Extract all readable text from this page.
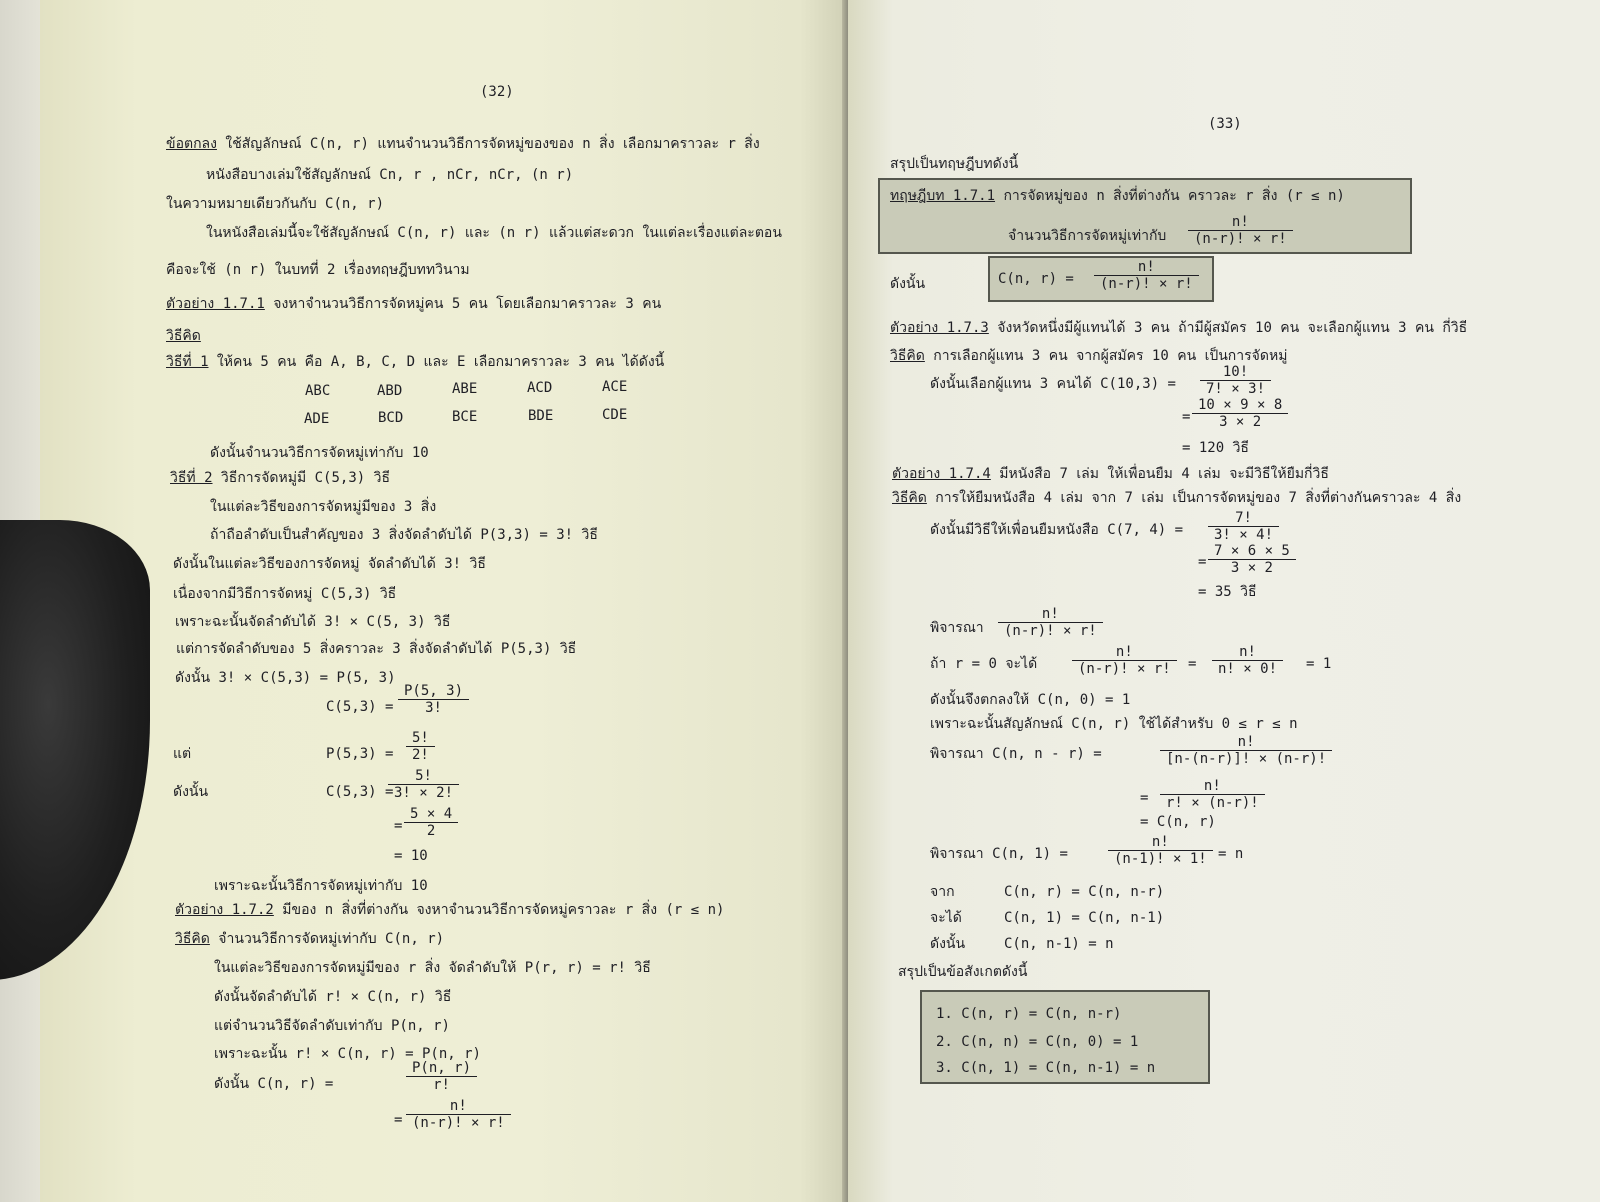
(32)
ข้อตกลง ใช้สัญลักษณ์ C(n, r) แทนจำนวนวิธีการจัดหมู่ของของ n สิ่ง เลือกมาคราวละ r สิ่ง
หนังสือบางเล่มใช้สัญลักษณ์ Cn, r , nCr, nCr, (n r)
ในความหมายเดียวกันกับ C(n, r)
ในหนังสือเล่มนี้จะใช้สัญลักษณ์ C(n, r) และ (n r) แล้วแต่สะดวก ในแต่ละเรื่องแต่ละตอน
คือจะใช้ (n r) ในบทที่ 2 เรื่องทฤษฎีบททวินาม
ตัวอย่าง 1.7.1 จงหาจำนวนวิธีการจัดหมู่คน 5 คน โดยเลือกมาคราวละ 3 คน
วิธีคิด
วิธีที่ 1 ให้คน 5 คน คือ A, B, C, D และ E เลือกมาคราวละ 3 คน ได้ดังนี้
ABC	ABD	ABE	ACD	ACE
ADE	BCD	BCE	BDE	CDE
ดังนั้นจำนวนวิธีการจัดหมู่เท่ากับ 10
วิธีที่ 2 วิธีการจัดหมู่มี C(5,3) วิธี
ในแต่ละวิธีของการจัดหมู่มีของ 3 สิ่ง
ถ้าถือลำดับเป็นสำคัญของ 3 สิ่งจัดลำดับได้ P(3,3) = 3! วิธี
ดังนั้นในแต่ละวิธีของการจัดหมู่ จัดลำดับได้ 3! วิธี
เนื่องจากมีวิธีการจัดหมู่ C(5,3) วิธี
เพราะฉะนั้นจัดลำดับได้ 3! × C(5, 3) วิธี
แต่การจัดลำดับของ 5 สิ่งคราวละ 3 สิ่งจัดลำดับได้ P(5,3) วิธี
ดังนั้น 3! × C(5,3) = P(5, 3)
$C(5,3) = \frac{P(5, 3)}{3!}$
แต่	$P(5,3) = \frac{5!}{2!}$
ดังนั้น	C(5,3) =
$\frac{5!}{3! \times 2!}$
= $\frac{5 \times 4}{2}$
= 10
เพราะฉะนั้นวิธีการจัดหมู่เท่ากับ 10
ตัวอย่าง 1.7.2 มีของ n สิ่งที่ต่างกัน จงหาจำนวนวิธีการจัดหมู่คราวละ r สิ่ง (r ≤ n)
วิธีคิด จำนวนวิธีการจัดหมู่เท่ากับ C(n, r)
ในแต่ละวิธีของการจัดหมู่มีของ r สิ่ง จัดลำดับให้ P(r, r) = r! วิธี
ดังนั้นจัดลำดับได้ r! × C(n, r) วิธี
แต่จำนวนวิธีจัดลำดับเท่ากับ P(n, r)
เพราะฉะนั้น r! × C(n, r) = P(n, r)
ดังนั้น C(n, r) =	$\frac{P(n, r)}{r!}$
= $\frac{n!}{(n-r)! \times r!}$
(33)
สรุปเป็นทฤษฎีบทดังนี้
ทฤษฎีบท 1.7.1 การจัดหมู่ของ n สิ่งที่ต่างกัน คราวละ r สิ่ง (r ≤ n)
จำนวนวิธีการจัดหมู่เท่ากับ $\frac{n!}{(n-r)! \times r!}$
ดังนั้น	C(n, $r) = \frac{n!}{(n-r)! \times r!}$
ตัวอย่าง 1.7.3 จังหวัดหนึ่งมีผู้แทนได้ 3 คน ถ้ามีผู้สมัคร 10 คน จะเลือกผู้แทน 3 คน กี่วิธี
วิธีคิด การเลือกผู้แทน 3 คน จากผู้สมัคร 10 คน เป็นการจัดหมู่
ดังนั้นเลือกผู้แทน 3 คนได้ $C(10,3) = \frac{10!}{7! \times 3!}$
= $\frac{10 \times 9 \times 8}{3 \times 2}$
= 120 วิธี
ตัวอย่าง 1.7.4 มีหนังสือ 7 เล่ม ให้เพื่อนยืม 4 เล่ม จะมีวิธีให้ยืมกี่วิธี
วิธีคิด การให้ยืมหนังสือ 4 เล่ม จาก 7 เล่ม เป็นการจัดหมู่ของ 7 สิ่งที่ต่างกันคราวละ 4 สิ่ง
ดังนั้นมีวิธีให้เพื่อนยืมหนังสือ C(7, $4) = \frac{7!}{3! \times 4!}$
= $\frac{7 \times 6 \times 5}{3 \times 2}$
= 35 วิธี
พิจารณา $\frac{n!}{(n-r)! \times r!}$
ถ้า r = 0 จะได้ $\frac{n!}{(n-r)! \times r!} = \frac{n!}{n! \times 0!} = 1$
ดังนั้นจึงตกลงให้ C(n, 0) = 1
เพราะฉะนั้นสัญลักษณ์ C(n, r) ใช้ได้สำหรับ 0 ≤ r ≤ n
พิจารณา C(n, n - r) =	$\frac{n!}{[n-(n-r)]! \times (n-r)!}$
= $\frac{n!}{r! \times (n-r)!}$
= C(n, r)
พิจารณา C(n, 1) =	$\frac{n!}{(n-1)! \times 1!} = n$
จาก	C(n, r) = C(n, n-r)
จะได้	C(n, 1) = C(n, n-1)
ดังนั้น	C(n, n-1) = n
สรุปเป็นข้อสังเกตดังนี้
1. C(n, r) = C(n, n-r)
2. C(n, n) = C(n, 0) = 1
3. C(n, 1) = C(n, n-1) = n
